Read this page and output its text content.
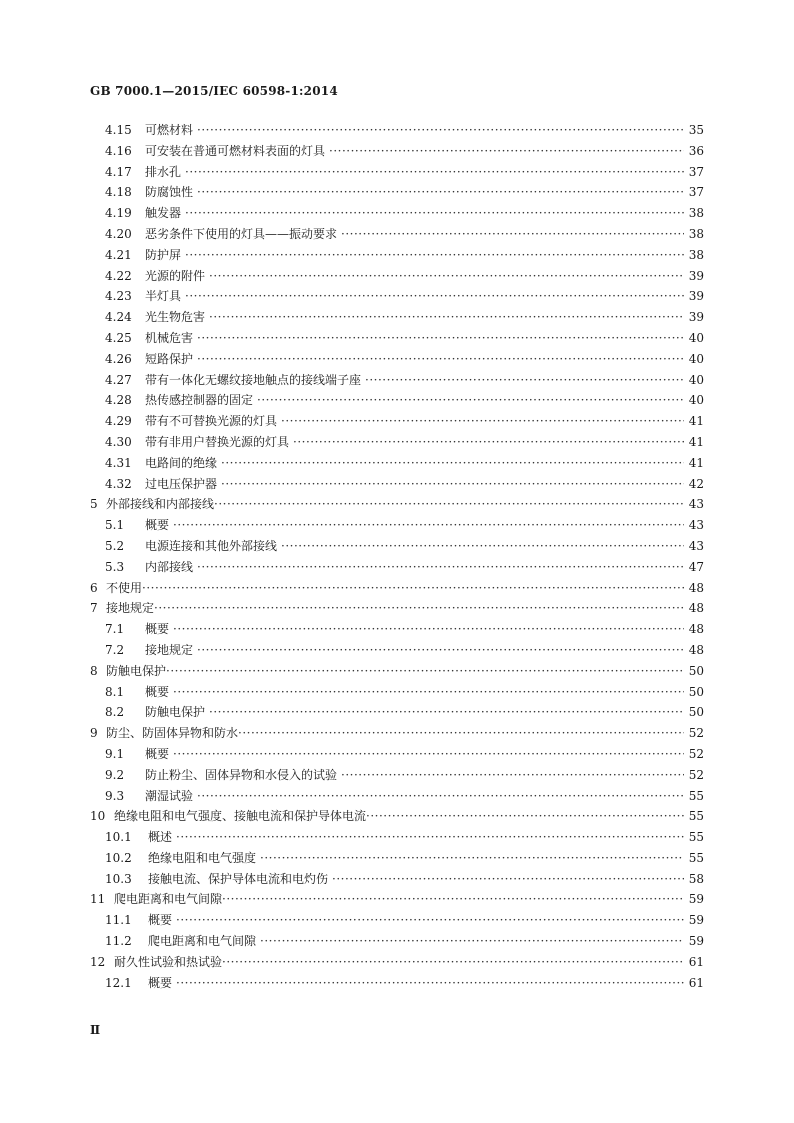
GB 7000.1—2015/IEC 60598-1:2014
4.15	可燃材料 ·····	35
4.16	可安装在普通可燃材料表面的灯具 ·····	36
4.17	排水孔 ·····	37
4.18	防腐蚀性 ·····	37
4.19	触发器 ·····	38
4.20	恶劣条件下使用的灯具——振动要求 ·····	38
4.21	防护屏 ·····	38
4.22	光源的附件 ·····	39
4.23	半灯具 ·····	39
4.24	光生物危害 ·····	39
4.25	机械危害 ·····	40
4.26	短路保护 ·····	40
4.27	带有一体化无螺纹接地触点的接线端子座 ·····	40
4.28	热传感控制器的固定 ·····	40
4.29	带有不可替换光源的灯具 ·····	41
4.30	带有非用户替换光源的灯具 ·····	41
4.31	电路间的绝缘 ·····	41
4.32	过电压保护器 ·····	42
5 外部接线和内部接线 ·····	43
5.1	概要 ·····	43
5.2	电源连接和其他外部接线 ·····	43
5.3	内部接线 ·····	47
6 不使用 ·····	48
7 接地规定 ·····	48
7.1	概要 ·····	48
7.2	接地规定 ·····	48
8 防触电保护 ·····	50
8.1	概要 ·····	50
8.2	防触电保护 ·····	50
9 防尘、防固体异物和防水 ·····	52
9.1	概要 ·····	52
9.2	防止粉尘、固体异物和水侵入的试验 ·····	52
9.3	潮湿试验 ·····	55
10 绝缘电阻和电气强度、接触电流和保护导体电流 ·····	55
10.1	概述 ·····	55
10.2	绝缘电阻和电气强度 ·····	55
10.3	接触电流、保护导体电流和电灼伤 ·····	58
11 爬电距离和电气间隙 ·····	59
11.1	概要 ·····	59
11.2	爬电距离和电气间隙 ·····	59
12 耐久性试验和热试验 ·····	61
12.1	概要 ·····	61
Ⅱ
